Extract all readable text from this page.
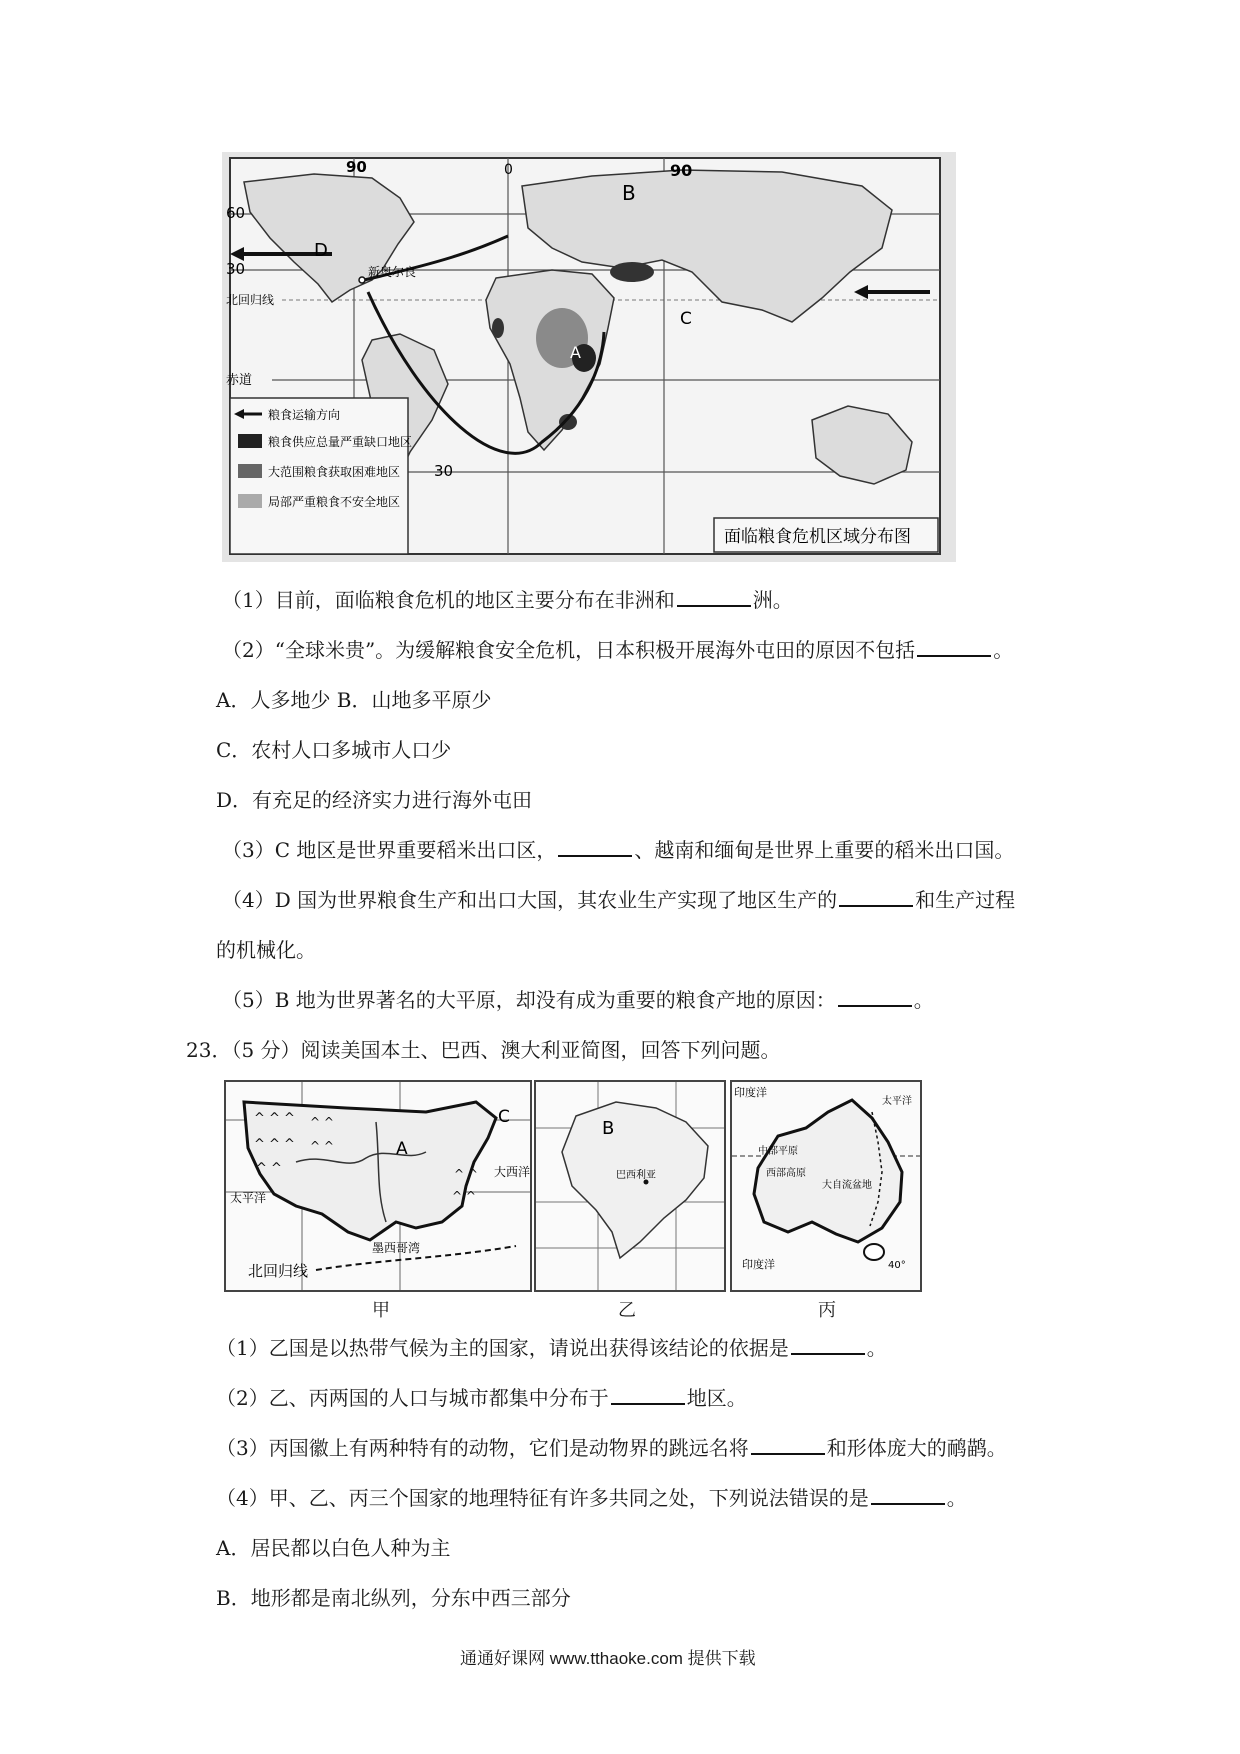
90	0	90
60
30
北回归线
赤道
30
新奥尔良
D
B
A
C
粮食运输方向
粮食供应总量严重缺口地区
大范围粮食获取困难地区
局部严重粮食不安全地区
面临粮食危机区域分布图
（1）目前，面临粮食危机的地区主要分布在非洲和	洲。
（2）“全球米贵”。为缓解粮食安全危机，日本积极开展海外屯田的原因不包括	。
A．人多地少 B．山地多平原少
C．农村人口多城市人口少
D．有充足的经济实力进行海外屯田
（3）C 地区是世界重要稻米出口区，	、越南和缅甸是世界上重要的稻米出口国。
（4）D 国为世界粮食生产和出口大国，其农业生产实现了地区生产的	和生产过程
的机械化。
（5）B 地为世界著名的大平原，却没有成为重要的粮食产地的原因：	。
23．（5 分）阅读美国本土、巴西、澳大利亚简图，回答下列问题。
^ ^ ^
^ ^ ^
^ ^
^ ^
^ ^
^ ^
^ ^
A
C
大西洋
太平洋
墨西哥湾
北回归线
甲
B
巴西利亚
乙
印度洋
太平洋
中部平原
西部高原
大自流盆地
印度洋	40°
丙
（1）乙国是以热带气候为主的国家，请说出获得该结论的依据是	。
（2）乙、丙两国的人口与城市都集中分布于	地区。
（3）丙国徽上有两种特有的动物，它们是动物界的跳远名将	和形体庞大的鸸鹋。
（4）甲、乙、丙三个国家的地理特征有许多共同之处，下列说法错误的是	。
A．居民都以白色人种为主
B．地形都是南北纵列，分东中西三部分
通通好课网 www.tthaoke.com 提供下载
